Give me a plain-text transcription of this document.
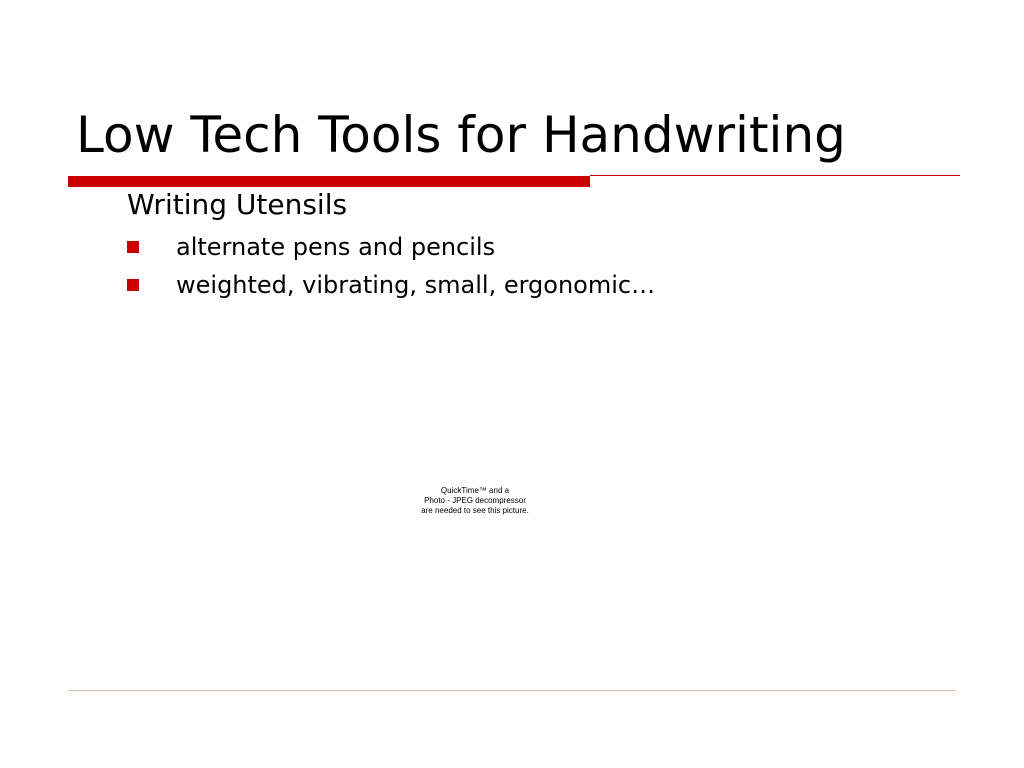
Low Tech Tools for Handwriting
Writing Utensils
alternate pens and pencils
weighted, vibrating, small, ergonomic…
QuickTime™ and a
Photo - JPEG decompressor
are needed to see this picture.
